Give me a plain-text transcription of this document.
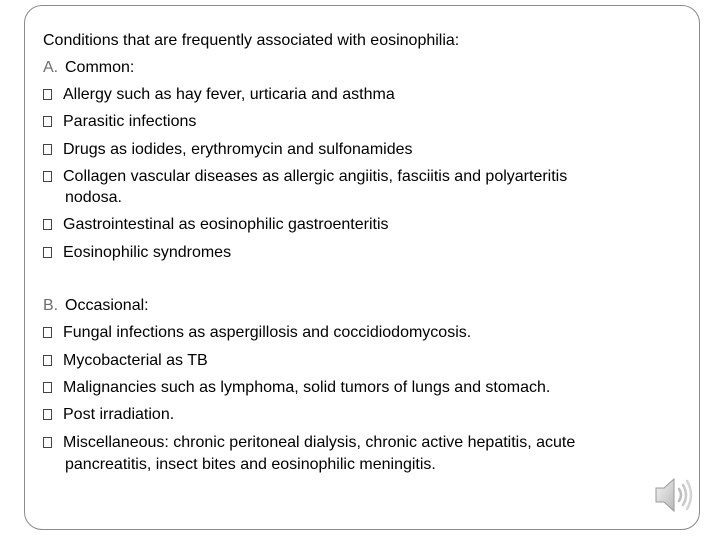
Conditions that are frequently associated with eosinophilia:
A. Common:
Allergy such as hay fever, urticaria and asthma
Parasitic infections
Drugs as iodides, erythromycin and sulfonamides
Collagen vascular diseases as allergic angiitis, fasciitis and polyarteritis
nodosa.
Gastrointestinal as eosinophilic gastroenteritis
Eosinophilic syndromes
B. Occasional:
Fungal infections as aspergillosis and coccidiodomycosis.
Mycobacterial as TB
Malignancies such as lymphoma, solid tumors of lungs and stomach.
Post irradiation.
Miscellaneous: chronic peritoneal dialysis, chronic active hepatitis, acute
pancreatitis, insect bites and eosinophilic meningitis.
